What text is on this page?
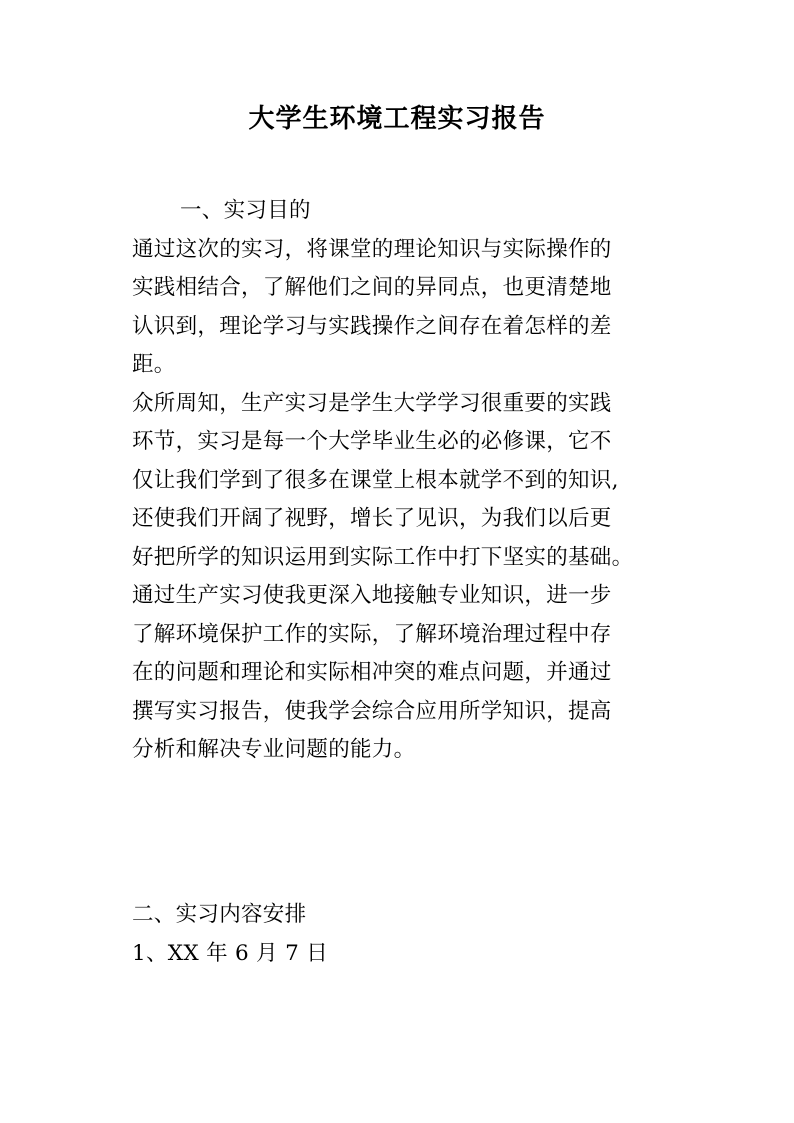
大学生环境工程实习报告
一、实习目的
通过这次的实习，将课堂的理论知识与实际操作的
实践相结合，了解他们之间的异同点，也更清楚地
认识到，理论学习与实践操作之间存在着怎样的差
距。
众所周知，生产实习是学生大学学习很重要的实践
环节，实习是每一个大学毕业生必的必修课，它不
仅让我们学到了很多在课堂上根本就学不到的知识,
还使我们开阔了视野，增长了见识，为我们以后更
好把所学的知识运用到实际工作中打下坚实的基础。
通过生产实习使我更深入地接触专业知识，进一步
了解环境保护工作的实际，了解环境治理过程中存
在的问题和理论和实际相冲突的难点问题，并通过
撰写实习报告，使我学会综合应用所学知识，提高
分析和解决专业问题的能力。
二、实习内容安排
1、XX 年 6 月 7 日
